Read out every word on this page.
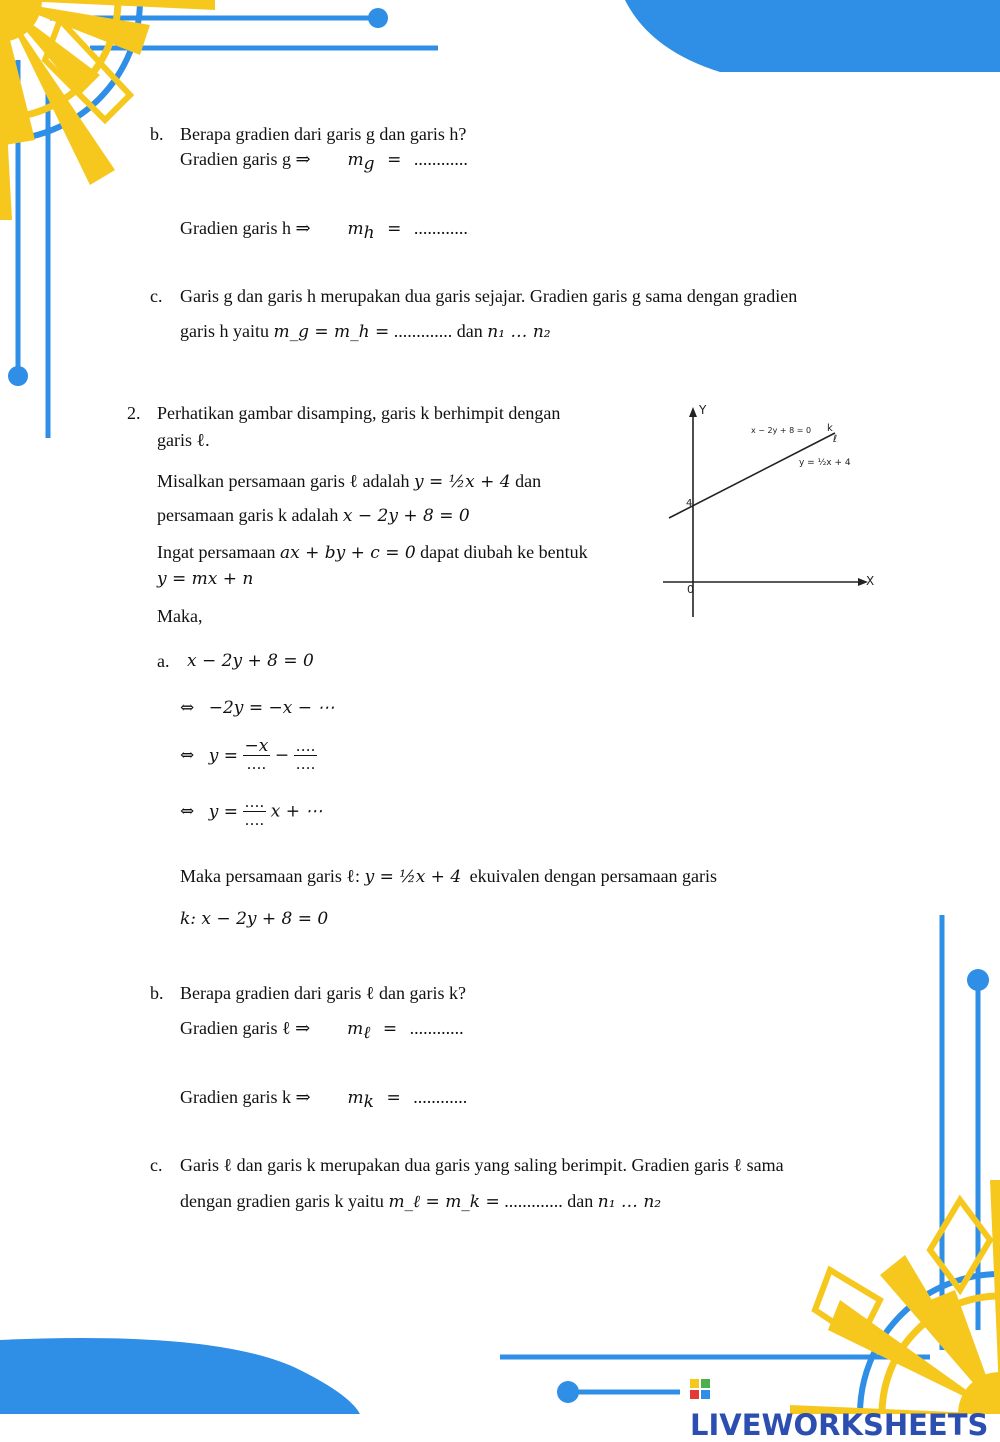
b. Berapa gradien dari garis g dan garis h?
Gradien garis g ⇒ $m_g$ = ............
Gradien garis h ⇒ $m_h$ = ............
c. Garis g dan garis h merupakan dua garis sejajar. Gradien garis g sama dengan gradien
garis h yaitu m_g = m_h = ............. dan n₁ … n₂
2. Perhatikan gambar disamping, garis k berhimpit dengan
garis ℓ.
Misalkan persamaan garis ℓ adalah y = ½x + 4 dan
persamaan garis k adalah x − 2y + 8 = 0
Ingat persamaan ax + by + c = 0 dapat diubah ke bentuk
y = mx + n
Maka,
Y
X
0
4
k
ℓ
x − 2y + 8 = 0
y = ½x + 4
a. x − 2y + 8 = 0
⇔ −2y = −x − ⋯
⇔ $y = \frac{-x}{\dots.} - \frac{\dots.}{\dots.}$
⇔ $y = \frac{\dots.}{\dots.}$ x + ⋯
Maka persamaan garis ℓ: y = ½x + 4 ekuivalen dengan persamaan garis
k: x − 2y + 8 = 0
b. Berapa gradien dari garis ℓ dan garis k?
Gradien garis ℓ ⇒ $m_\ell$ = ............
Gradien garis k ⇒ $m_k$ = ............
c. Garis ℓ dan garis k merupakan dua garis yang saling berimpit. Gradien garis ℓ sama
dengan gradien garis k yaitu m_ℓ = m_k = ............. dan n₁ … n₂
LIVEWORKSHEETS
